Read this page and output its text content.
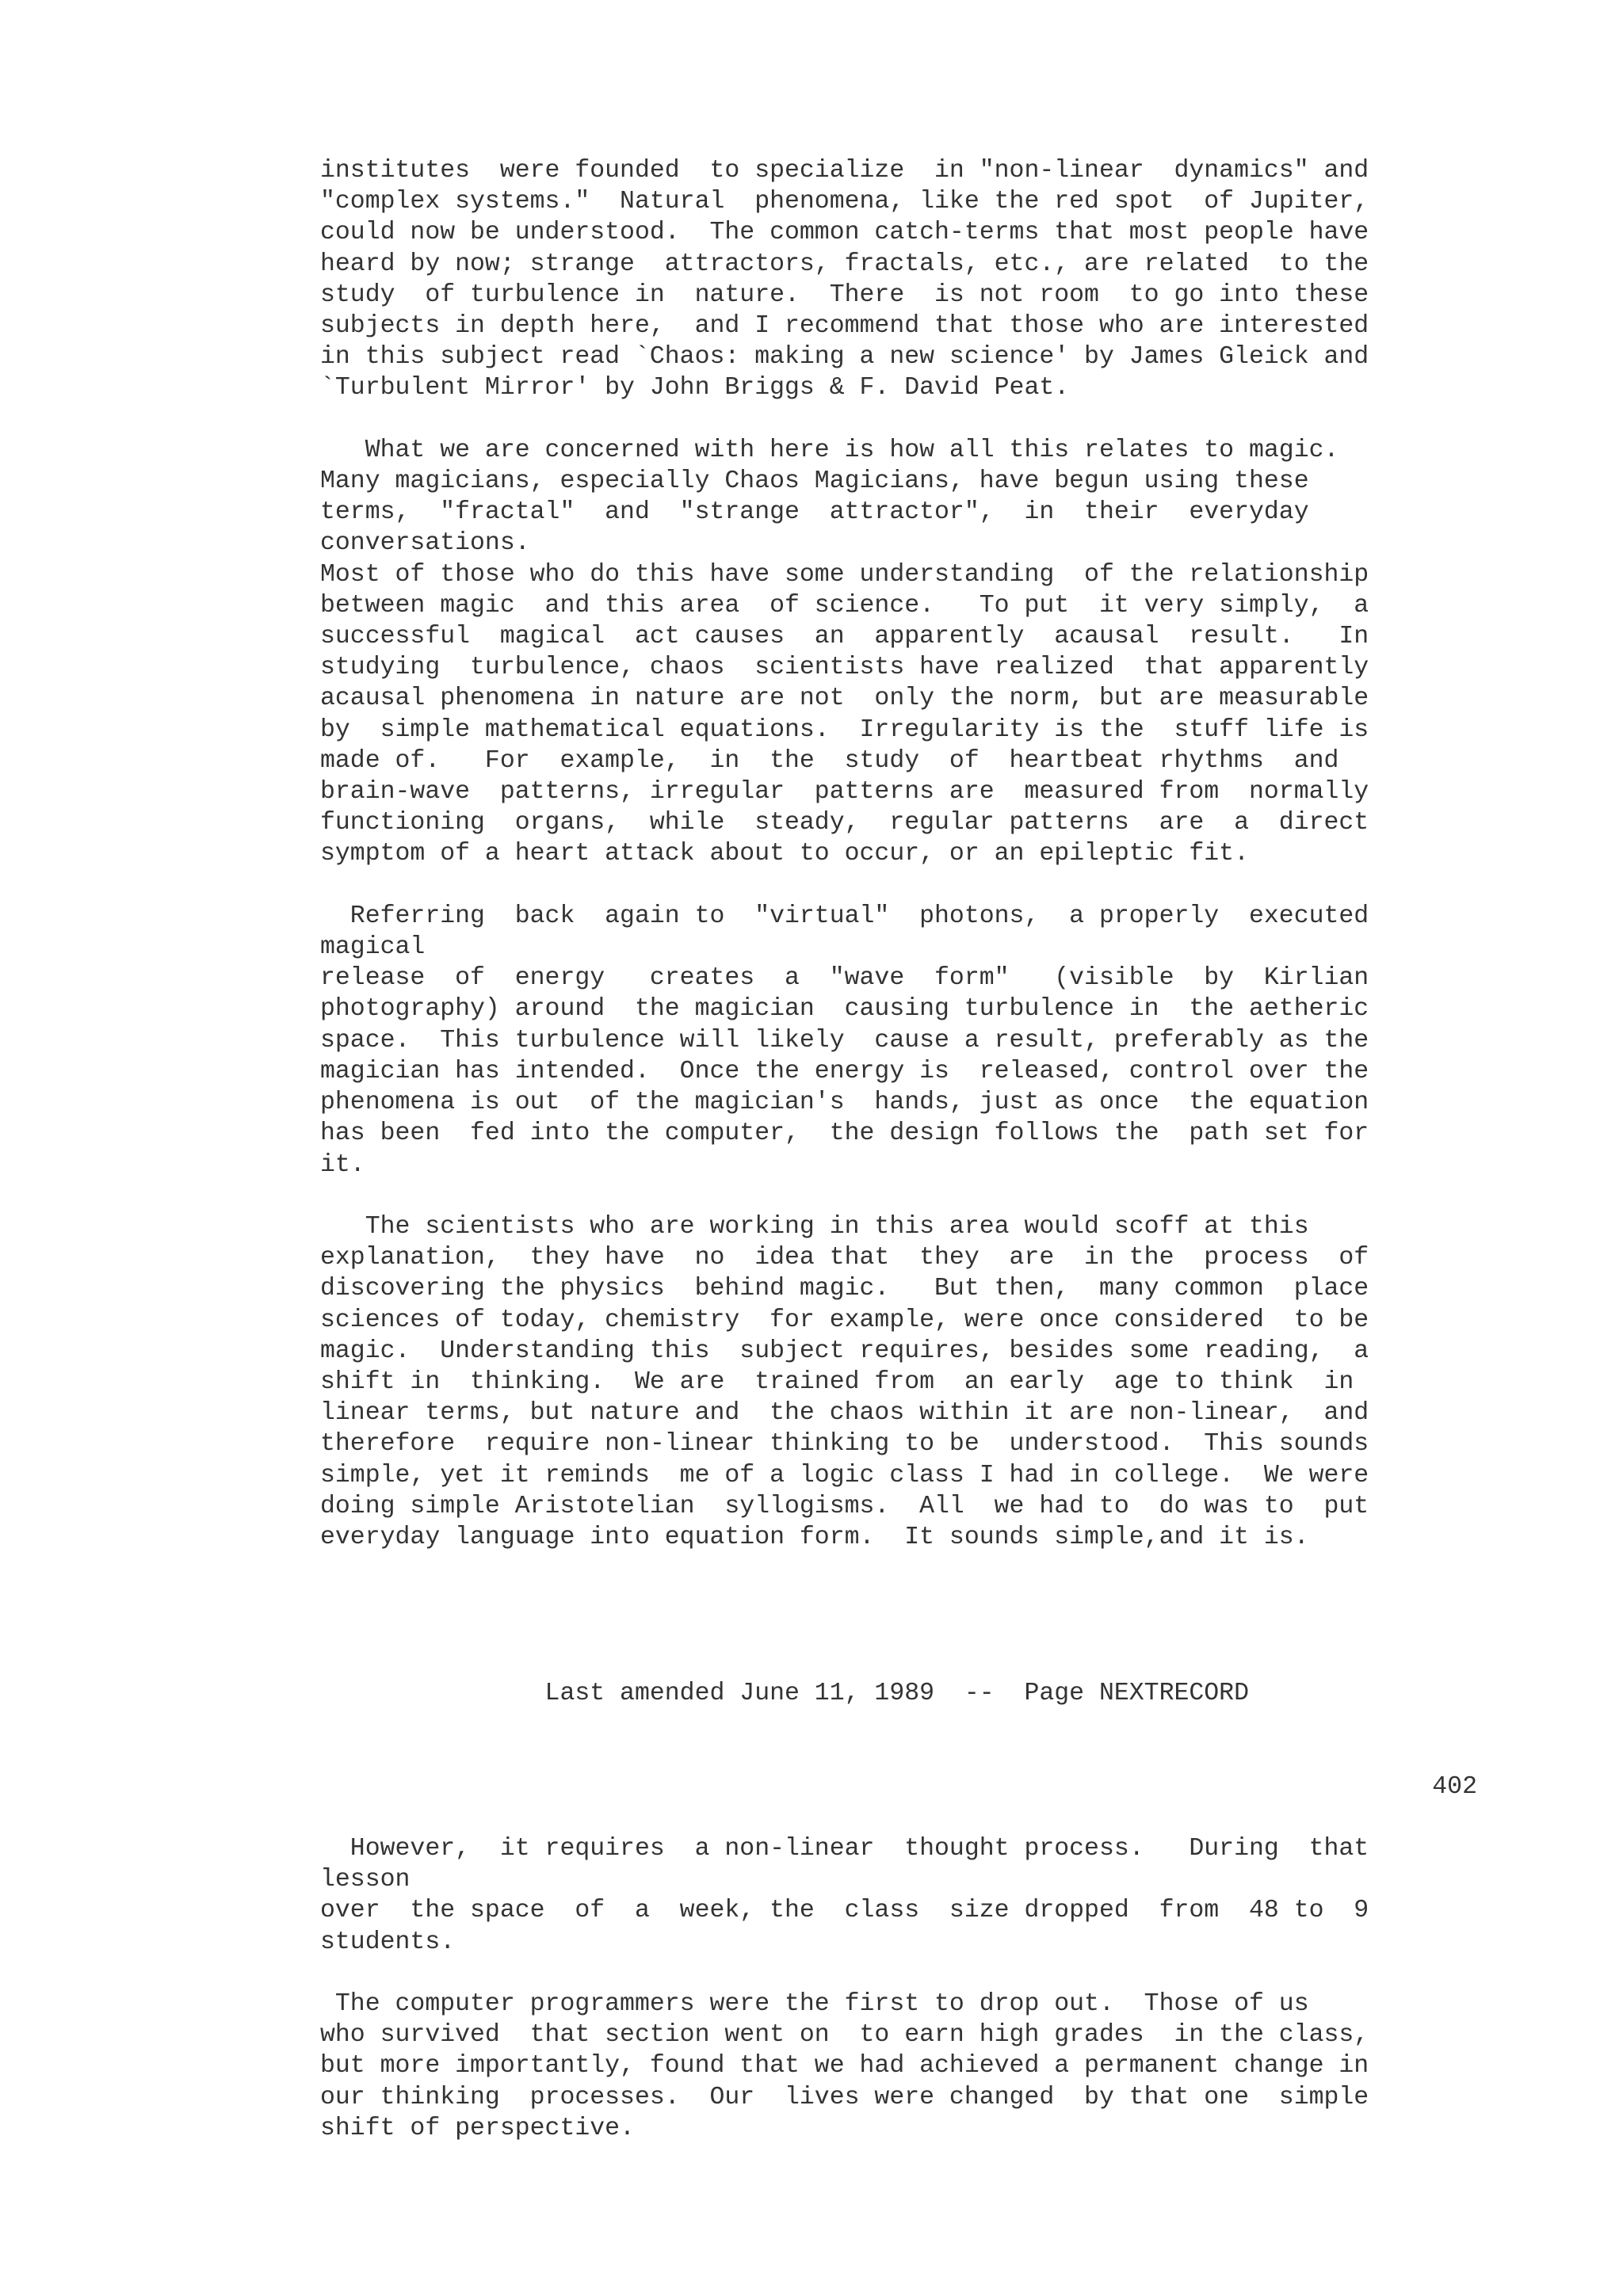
institutes  were founded  to specialize  in "non-linear  dynamics" and
"complex systems."  Natural  phenomena, like the red spot  of Jupiter,
could now be understood.  The common catch-terms that most people have
heard by now; strange  attractors, fractals, etc., are related  to the
study  of turbulence in  nature.  There  is not room  to go into these
subjects in depth here,  and I recommend that those who are interested
in this subject read `Chaos: making a new science' by James Gleick and
`Turbulent Mirror' by John Briggs & F. David Peat.

What we are concerned with here is how all this relates to magic.
Many magicians, especially Chaos Magicians, have begun using these
terms,  "fractal"  and  "strange  attractor",  in  their  everyday
conversations.
Most of those who do this have some understanding  of the relationship
between magic  and this area  of science.   To put  it very simply,  a
successful  magical  act causes  an  apparently  acausal  result.   In
studying  turbulence, chaos  scientists have realized  that apparently
acausal phenomena in nature are not  only the norm, but are measurable
by  simple mathematical equations.  Irregularity is the  stuff life is
made of.   For  example,  in  the  study  of  heartbeat rhythms  and
brain-wave  patterns, irregular  patterns are  measured from  normally
functioning  organs,  while  steady,  regular patterns  are  a  direct
symptom of a heart attack about to occur, or an epileptic fit.

Referring  back  again to  "virtual"  photons,  a properly  executed
magical
release  of  energy   creates  a  "wave  form"   (visible  by  Kirlian
photography) around  the magician  causing turbulence in  the aetheric
space.  This turbulence will likely  cause a result, preferably as the
magician has intended.  Once the energy is  released, control over the
phenomena is out  of the magician's  hands, just as once  the equation
has been  fed into the computer,  the design follows the  path set for
it.

The scientists who are working in this area would scoff at this
explanation,  they have  no  idea that  they  are  in the  process  of
discovering the physics  behind magic.   But then,  many common  place
sciences of today, chemistry  for example, were once considered  to be
magic.  Understanding this  subject requires, besides some reading,  a
shift in  thinking.  We are  trained from  an early  age to think  in
linear terms, but nature and  the chaos within it are non-linear,  and
therefore  require non-linear thinking to be  understood.  This sounds
simple, yet it reminds  me of a logic class I had in college.  We were
doing simple Aristotelian  syllogisms.  All  we had to  do was to  put
everyday language into equation form.  It sounds simple,and it is.
Last amended June 11, 1989  --  Page NEXTRECORD
402
However,  it requires  a non-linear  thought process.   During  that
lesson
over  the space  of  a  week, the  class  size dropped  from  48 to  9
students.

The computer programmers were the first to drop out.  Those of us
who survived  that section went on  to earn high grades  in the class,
but more importantly, found that we had achieved a permanent change in
our thinking  processes.  Our  lives were changed  by that one  simple
shift of perspective.
